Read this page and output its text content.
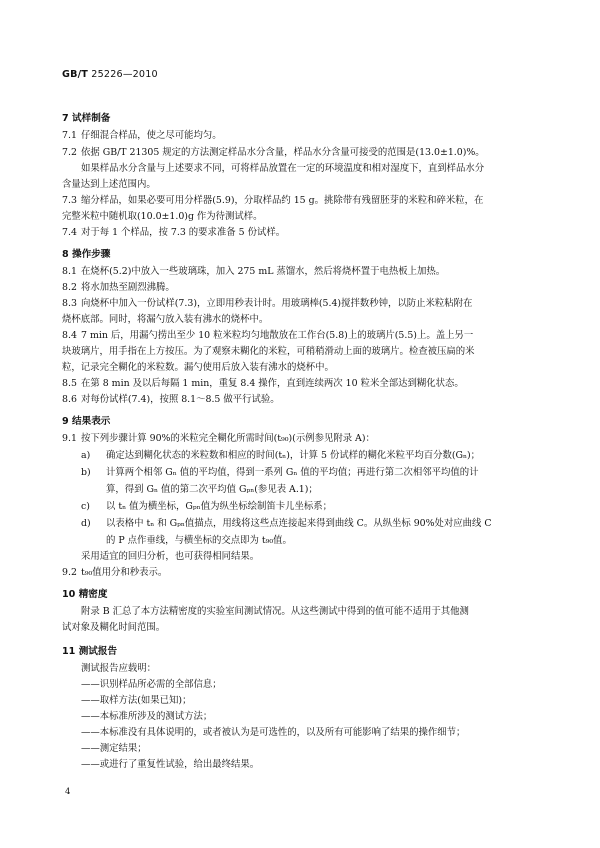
GB/T 25226—2010
7 试样制备
7.1 仔细混合样品，使之尽可能均匀。
7.2 依据 GB/T 21305 规定的方法测定样品水分含量，样品水分含量可接受的范围是(13.0±1.0)%。
如果样品水分含量与上述要求不同，可将样品放置在一定的环境温度和相对湿度下，直到样品水分
含量达到上述范围内。
7.3 缩分样品，如果必要可用分样器(5.9)，分取样品约 15 g。挑除带有残留胚芽的米粒和碎米粒，在
完整米粒中随机取(10.0±1.0)g 作为待测试样。
7.4 对于每 1 个样品，按 7.3 的要求准备 5 份试样。
8 操作步骤
8.1 在烧杯(5.2)中放入一些玻璃珠，加入 275 mL 蒸馏水，然后将烧杯置于电热板上加热。
8.2 将水加热至剧烈沸腾。
8.3 向烧杯中加入一份试样(7.3)，立即用秒表计时。用玻璃棒(5.4)搅拌数秒钟，以防止米粒粘附在
烧杯底部。同时，将漏勺放入装有沸水的烧杯中。
8.4 7 min 后，用漏勺捞出至少 10 粒米粒均匀地散放在工作台(5.8)上的玻璃片(5.5)上。盖上另一
块玻璃片，用手指在上方按压。为了观察未糊化的米粒，可稍稍滑动上面的玻璃片。检查被压扁的米
粒，记录完全糊化的米粒数。漏勺使用后放入装有沸水的烧杯中。
8.5 在第 8 min 及以后每隔 1 min，重复 8.4 操作，直到连续两次 10 粒米全部达到糊化状态。
8.6 对每份试样(7.4)，按照 8.1～8.5 做平行试验。
9 结果表示
9.1 按下列步骤计算 90%的米粒完全糊化所需时间(t₉₀)(示例参见附录 A)：
a) 确定达到糊化状态的米粒数和相应的时间(tₙ)，计算 5 份试样的糊化米粒平均百分数(Gₙ)；
b) 计算两个相邻 Gₙ 值的平均值，得到一系列 Gₙ 值的平均值；再进行第二次相邻平均值的计
算，得到 Gₙ 值的第二次平均值 Gₚₙ(参见表 A.1)；
c) 以 tₙ 值为横坐标，Gₚₙ值为纵坐标绘制笛卡儿坐标系；
d) 以表格中 tₙ 和 Gₚₙ值描点，用线将这些点连接起来得到曲线 C。从纵坐标 90%处对应曲线 C
的 P 点作垂线，与横坐标的交点即为 t₉₀值。
采用适宜的回归分析，也可获得相同结果。
9.2 t₉₀值用分和秒表示。
10 精密度
附录 B 汇总了本方法精密度的实验室间测试情况。从这些测试中得到的值可能不适用于其他测
试对象及糊化时间范围。
11 测试报告
测试报告应载明：
——识别样品所必需的全部信息；
——取样方法(如果已知)；
——本标准所涉及的测试方法；
——本标准没有具体说明的，或者被认为是可选性的，以及所有可能影响了结果的操作细节；
——测定结果；
——或进行了重复性试验，给出最终结果。
4
